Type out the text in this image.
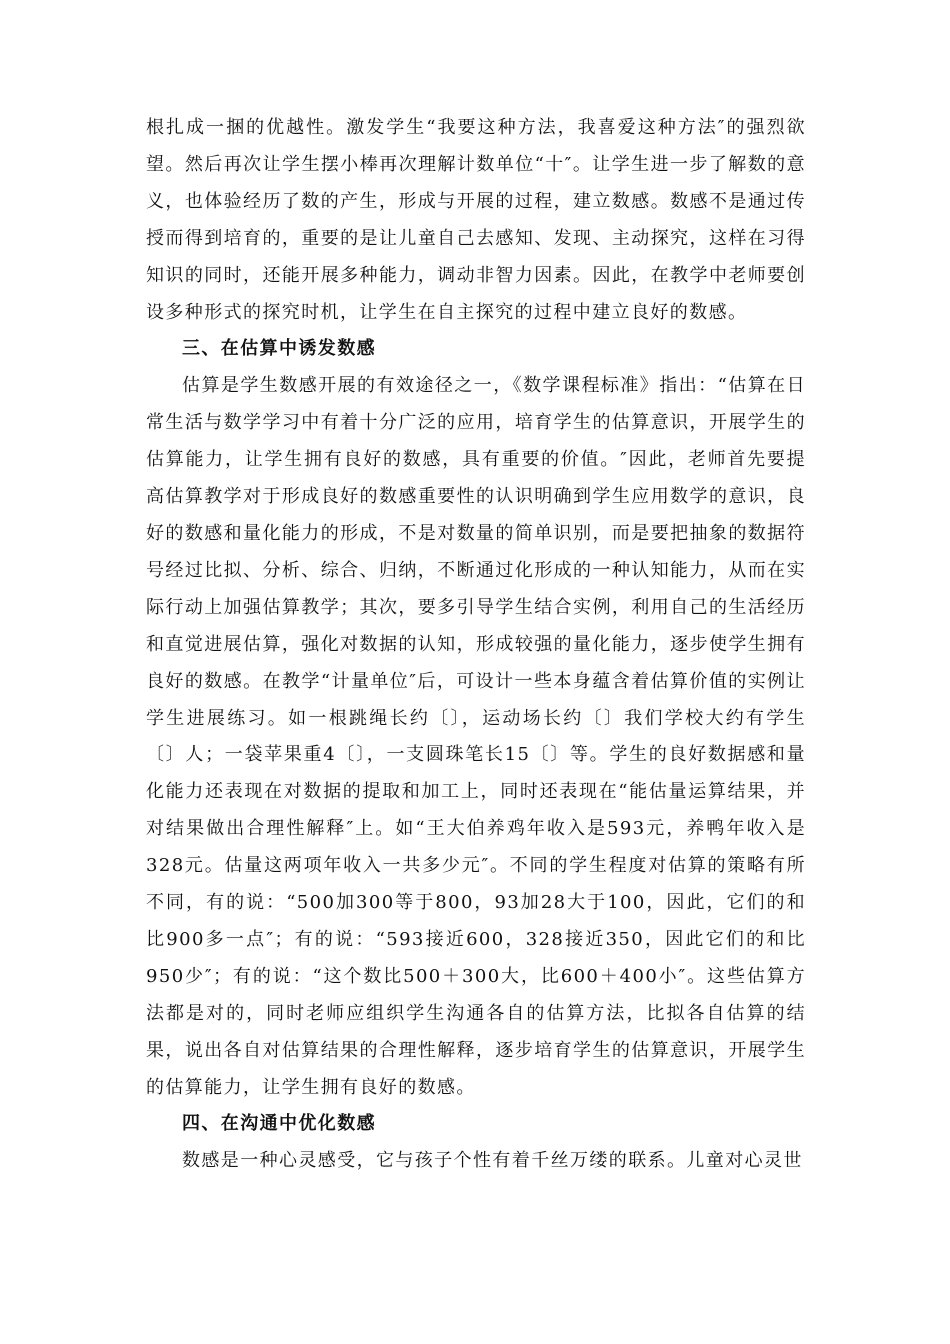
根扎成一捆的优越性。激发学生“我要这种方法，我喜爱这种方法″的强烈欲望。然后再次让学生摆小棒再次理解计数单位“十″。让学生进一步了解数的意义，也体验经历了数的产生，形成与开展的过程，建立数感。数感不是通过传授而得到培育的，重要的是让儿童自己去感知、发现、主动探究，这样在习得知识的同时，还能开展多种能力，调动非智力因素。因此，在教学中老师要创设多种形式的探究时机，让学生在自主探究的过程中建立良好的数感。

三、在估算中诱发数感

估算是学生数感开展的有效途径之一，《数学课程标准》指出：“估算在日常生活与数学学习中有着十分广泛的应用，培育学生的估算意识，开展学生的估算能力，让学生拥有良好的数感，具有重要的价值。″因此，老师首先要提高估算教学对于形成良好的数感重要性的认识明确到学生应用数学的意识，良好的数感和量化能力的形成，不是对数量的简单识别，而是要把抽象的数据符号经过比拟、分析、综合、归纳，不断通过化形成的一种认知能力，从而在实际行动上加强估算教学；其次，要多引导学生结合实例，利用自己的生活经历和直觉进展估算，强化对数据的认知，形成较强的量化能力，逐步使学生拥有良好的数感。在教学“计量单位″后，可设计一些本身蕴含着估算价值的实例让学生进展练习。如一根跳绳长约〔〕，运动场长约〔〕我们学校大约有学生〔〕人；一袋苹果重4〔〕，一支圆珠笔长15〔〕等。学生的良好数据感和量化能力还表现在对数据的提取和加工上，同时还表现在“能估量运算结果，并对结果做出合理性解释″上。如“王大伯养鸡年收入是593元，养鸭年收入是328元。估量这两项年收入一共多少元″。不同的学生程度对估算的策略有所不同，有的说：“500加300等于800，93加28大于100，因此，它们的和比900多一点″；有的说：“593接近600，328接近350，因此它们的和比950少″；有的说：“这个数比500＋300大，比600＋400小″。这些估算方法都是对的，同时老师应组织学生沟通各自的估算方法，比拟各自估算的结果，说出各自对估算结果的合理性解释，逐步培育学生的估算意识，开展学生的估算能力，让学生拥有良好的数感。

四、在沟通中优化数感

数感是一种心灵感受，它与孩子个性有着千丝万缕的联系。儿童对心灵世
